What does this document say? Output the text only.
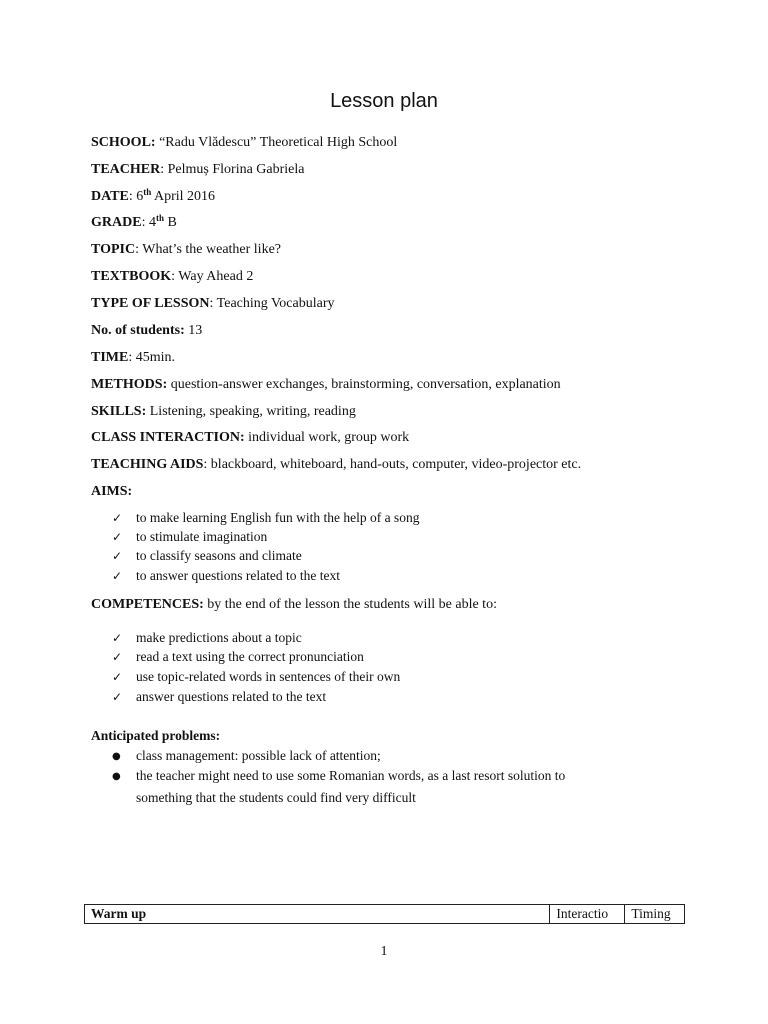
Lesson plan
SCHOOL: “Radu Vlădescu” Theoretical High School
TEACHER: Pelmuș Florina Gabriela
DATE: 6th April 2016
GRADE: 4th B
TOPIC: What’s the weather like?
TEXTBOOK: Way Ahead 2
TYPE OF LESSON: Teaching Vocabulary
No. of students: 13
TIME: 45min.
METHODS: question-answer exchanges, brainstorming, conversation, explanation
SKILLS: Listening, speaking, writing, reading
CLASS INTERACTION: individual work, group work
TEACHING AIDS: blackboard, whiteboard, hand-outs, computer, video-projector etc.
AIMS:
✓ to make learning English fun with the help of a song
✓ to stimulate imagination
✓ to classify seasons and climate
✓ to answer questions related to the text
COMPETENCES: by the end of the lesson the students will be able to:
✓ make predictions about a topic
✓ read a text using the correct pronunciation
✓ use topic-related words in sentences of their own
✓ answer questions related to the text
Anticipated problems:
● class management: possible lack of attention;
● the teacher might need to use some Romanian words, as a last resort solution to
something that the students could find very difficult
Warm up	Interactio	Timing
1
